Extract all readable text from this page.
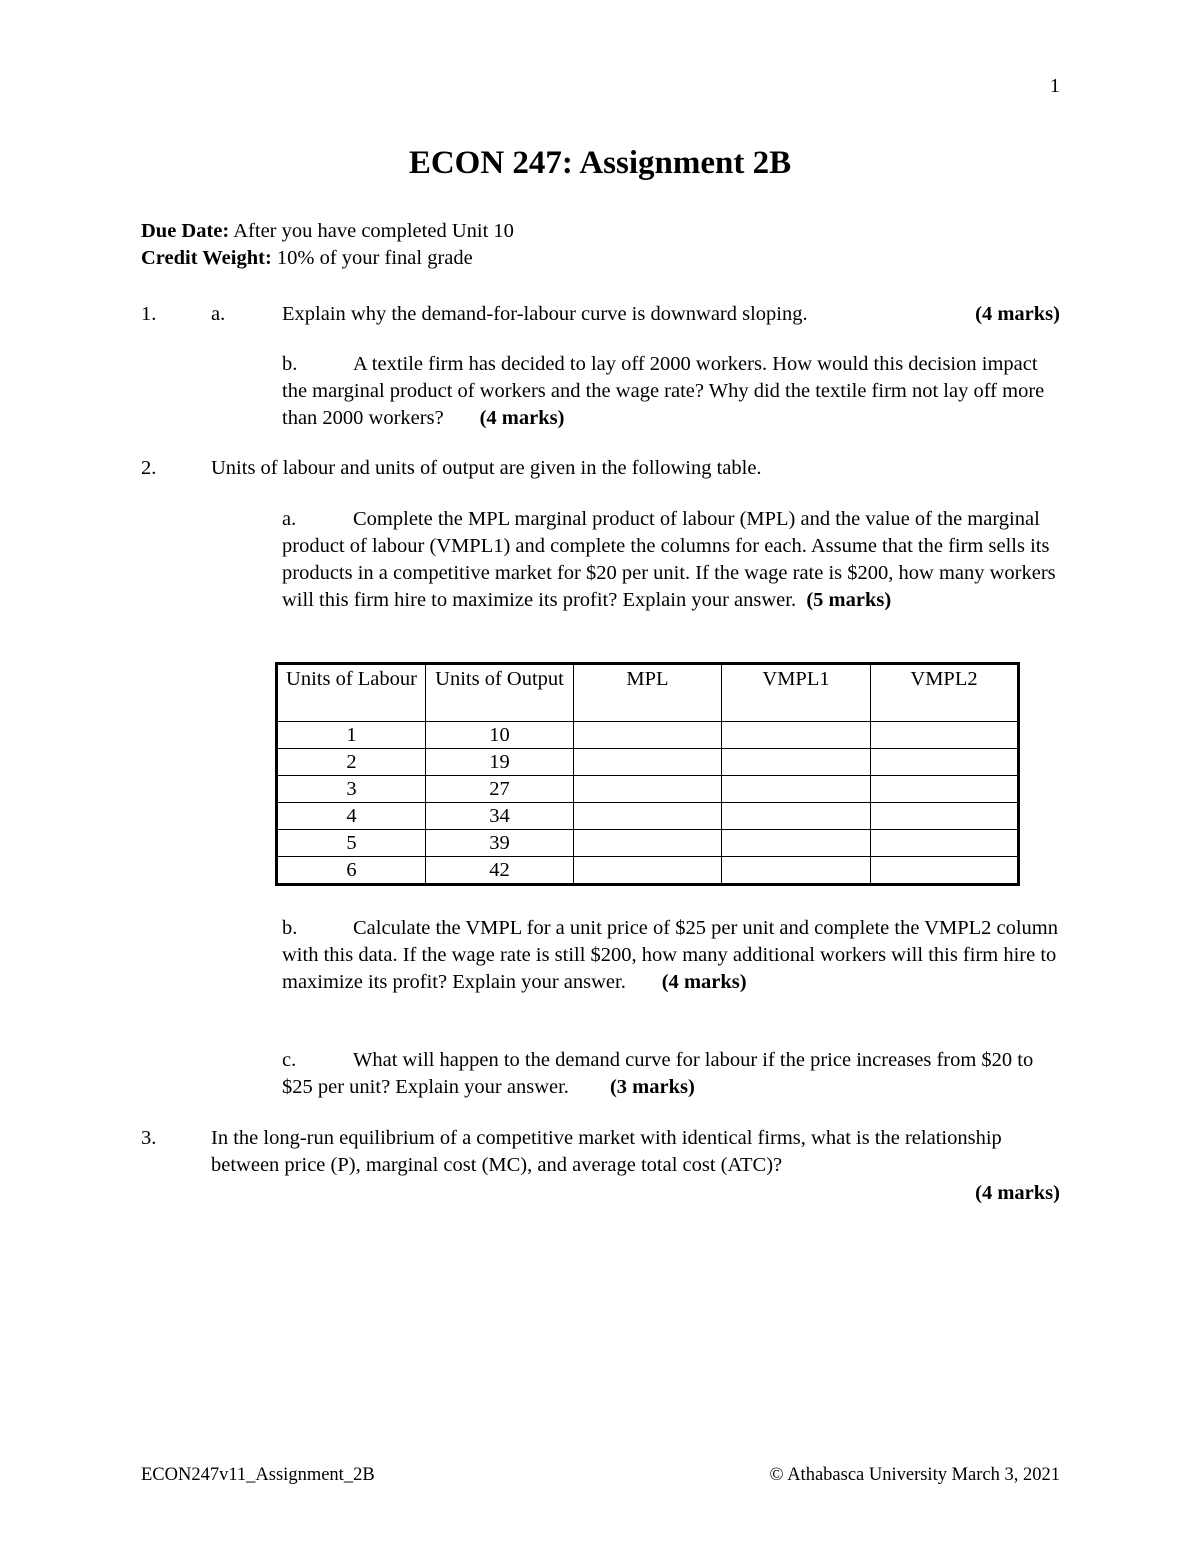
1
ECON 247: Assignment 2B
Due Date: After you have completed Unit 10
Credit Weight: 10% of your final grade
1.	a.	Explain why the demand-for-labour curve is downward sloping.	(4 marks)
b.	A textile firm has decided to lay off 2000 workers. How would this decision impact the marginal product of workers and the wage rate? Why did the textile firm not lay off more than 2000 workers? (4 marks)
2.	Units of labour and units of output are given in the following table.
a.	Complete the MPL marginal product of labour (MPL) and the value of the marginal product of labour (VMPL1) and complete the columns for each. Assume that the firm sells its products in a competitive market for $20 per unit. If the wage rate is $200, how many workers will this firm hire to maximize its profit? Explain your answer. (5 marks)
Units of Labour	Units of Output	MPL	VMPL1	VMPL2
1	10			
2	19			
3	27			
4	34			
5	39			
6	42			
b.	Calculate the VMPL for a unit price of $25 per unit and complete the VMPL2 column with this data. If the wage rate is still $200, how many additional workers will this firm hire to maximize its profit? Explain your answer. (4 marks)
c.	What will happen to the demand curve for labour if the price increases from $20 to $25 per unit? Explain your answer. (3 marks)
3.	In the long-run equilibrium of a competitive market with identical firms, what is the relationship between price (P), marginal cost (MC), and average total cost (ATC)?
(4 marks)
ECON247v11_Assignment_2B	© Athabasca University March 3, 2021
